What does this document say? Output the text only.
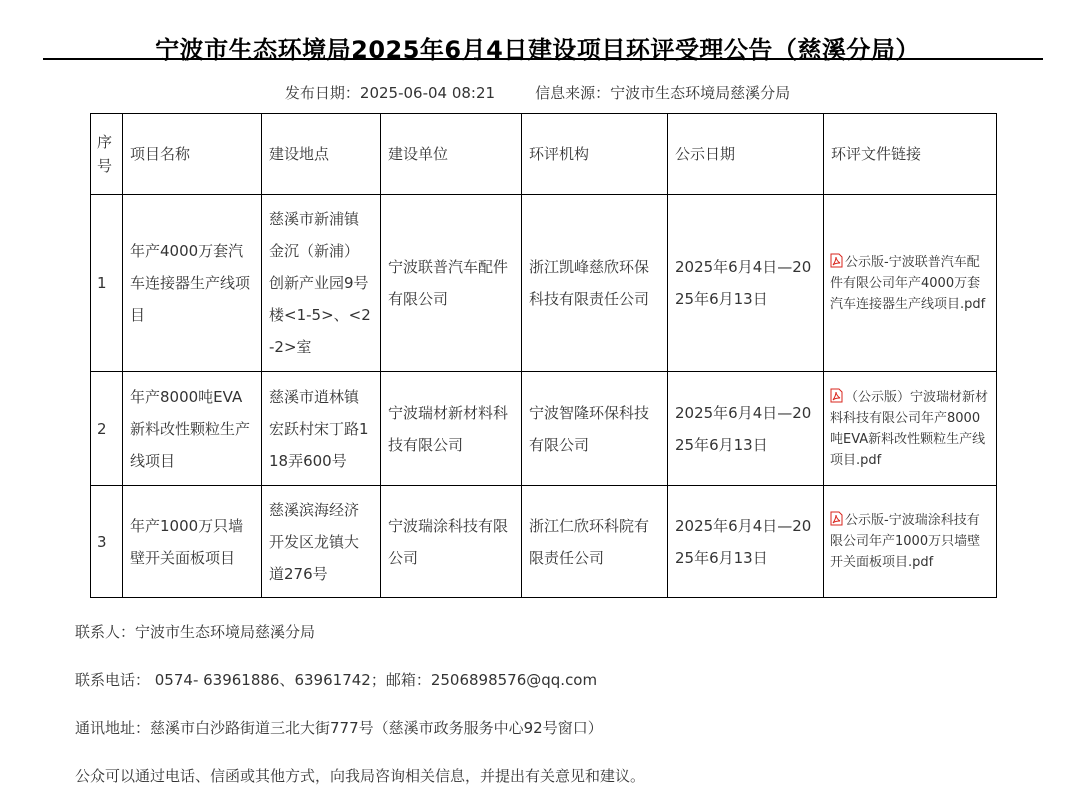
宁波市生态环境局2025年6月4日建设项目环评受理公告（慈溪分局）
发布日期：2025-06-04 08:21	信息来源：宁波市生态环境局慈溪分局
序号	项目名称	建设地点	建设单位	环评机构	公示日期	环评文件链接
1	年产4000万套汽车连接器生产线项目	慈溪市新浦镇金沉（新浦）创新产业园9号楼<1-5>、<2-2>室	宁波联普汽车配件有限公司	浙江凯峰慈欣环保科技有限责任公司	2025年6月4日—2025年6月13日	公示版-宁波联普汽车配件有限公司年产4000万套汽车连接器生产线项目.pdf
2	年产8000吨EVA新料改性颗粒生产线项目	慈溪市逍林镇宏跃村宋丁路118弄600号	宁波瑞材新材料科技有限公司	宁波智隆环保科技有限公司	2025年6月4日—2025年6月13日	（公示版）宁波瑞材新材料科技有限公司年产8000吨EVA新料改性颗粒生产线项目.pdf
3	年产1000万只墙壁开关面板项目	慈溪滨海经济开发区龙镇大道276号	宁波瑞涂科技有限公司	浙江仁欣环科院有限责任公司	2025年6月4日—2025年6月13日	公示版-宁波瑞涂科技有限公司年产1000万只墙壁开关面板项目.pdf

联系人：宁波市生态环境局慈溪分局

联系电话： 0574- 63961886、63961742；邮箱：2506898576@qq.com

通讯地址：慈溪市白沙路街道三北大街777号（慈溪市政务服务中心92号窗口）

公众可以通过电话、信函或其他方式，向我局咨询相关信息，并提出有关意见和建议。
